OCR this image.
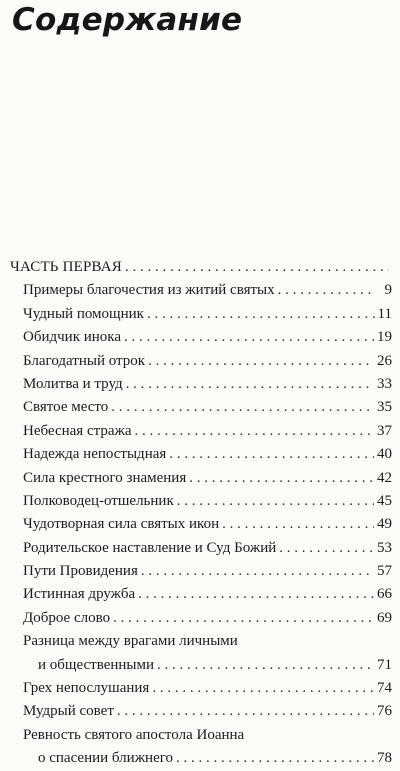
Содержание
ЧАСТЬ ПЕРВАЯ
. . .
Примеры благочестия из житий святых . . .	9
Чудный помощник . . .	11
Обидчик инока . . .	19
Благодатный отрок . . .	26
Молитва и труд . . .	33
Святое место . . .	35
Небесная стража . . .	37
Надежда непостыдная . . .	40
Сила крестного знамения . . .	42
Полководец-отшельник . . .	45
Чудотворная сила святых икон . . .	49
Родительское наставление и Суд Божий . . .	53
Пути Провидения . . .	57
Истинная дружба . . .	66
Доброе слово . . .	69
Разница между врагами личными
и общественными . . .	71
Грех непослушания . . .	74
Мудрый совет . . .	76
Ревность святого апостола Иоанна
о спасении ближнего . . .	78
